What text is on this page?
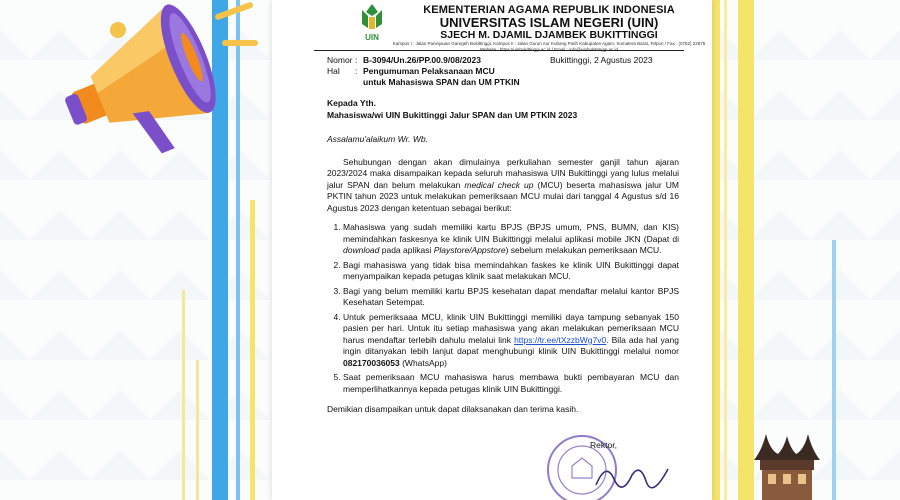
UIN
KEMENTERIAN AGAMA REPUBLIK INDONESIA
UNIVERSITAS ISLAM NEGERI (UIN)
SJECH M. DJAMIL DJAMBEK BUKITTINGGI
Kampus I : Jalan Paninjauan Garegeh Bukittinggi, Kampus II : Jalan Gurun Aur Kubang Putih Kabupaten Agam, Sumatera Barat, Telpon / Fax : (0752) 22875 Website : https://uinbukittinggi.ac.id / Email : info@uinbukittinggi.ac.id
Nomor : B-3094/Un.26/PP.00.9/08/2023
Hal : Pengumuman Pelaksanaan MCU
untuk Mahasiswa SPAN dan UM PTKIN
Bukittinggi, 2 Agustus 2023

Kepada Yth.

Mahasiswa/wi UIN Bukittinggi Jalur SPAN dan UM PTKIN 2023

Assalamu'alaikum Wr. Wb.

Sehubungan dengan akan dimulainya perkuliahan semester ganjil tahun ajaran 2023/2024 maka disampaikan kepada seluruh mahasiswa UIN Bukittinggi yang lulus melalui jalur SPAN dan belum melakukan medical check up (MCU) beserta mahasiswa jalur UM PKTIN tahun 2023 untuk melakukan pemeriksaan MCU mulai dari tanggal 4 Agustus s/d 16 Agustus 2023 dengan ketentuan sebagai berikut:

1. Mahasiswa yang sudah memiliki kartu BPJS (BPJS umum, PNS, BUMN, dan KIS) memindahkan faskesnya ke klinik UIN Bukittinggi melalui aplikasi mobile JKN (Dapat di download pada aplikasi Playstore/Appstore) sebelum melakukan pemeriksaan MCU.
2. Bagi mahasiswa yang tidak bisa memindahkan faskes ke klinik UIN Bukittinggi dapat menyampaikan kepada petugas klinik saat melakukan MCU.
3. Bagi yang belum memiliki kartu BPJS kesehatan dapat mendaftar melalui kantor BPJS Kesehatan Setempat.
4. Untuk pemeriksaaa MCU, klinik UIN Bukittinggi memiliki daya tampung sebanyak 150 pasien per hari. Untuk itu setiap mahasiswa yang akan melakukan pemeriksaan MCU harus mendaftar terlebih dahulu melalui link https://tr.ee/tXzzbWg7v0. Bila ada hal yang ingin ditanyakan lebih lanjut dapat menghubungi klinik UIN Bukittinggi melalui nomor 082170036053 (WhatsApp)
5. Saat pemeriksaan MCU mahasiswa harus membawa bukti pembayaran MCU dan memperlihatkannya kepada petugas klinik UIN Bukittinggi.

Demikian disampaikan untuk dapat dilaksanakan dan terima kasih.

Rektor,
